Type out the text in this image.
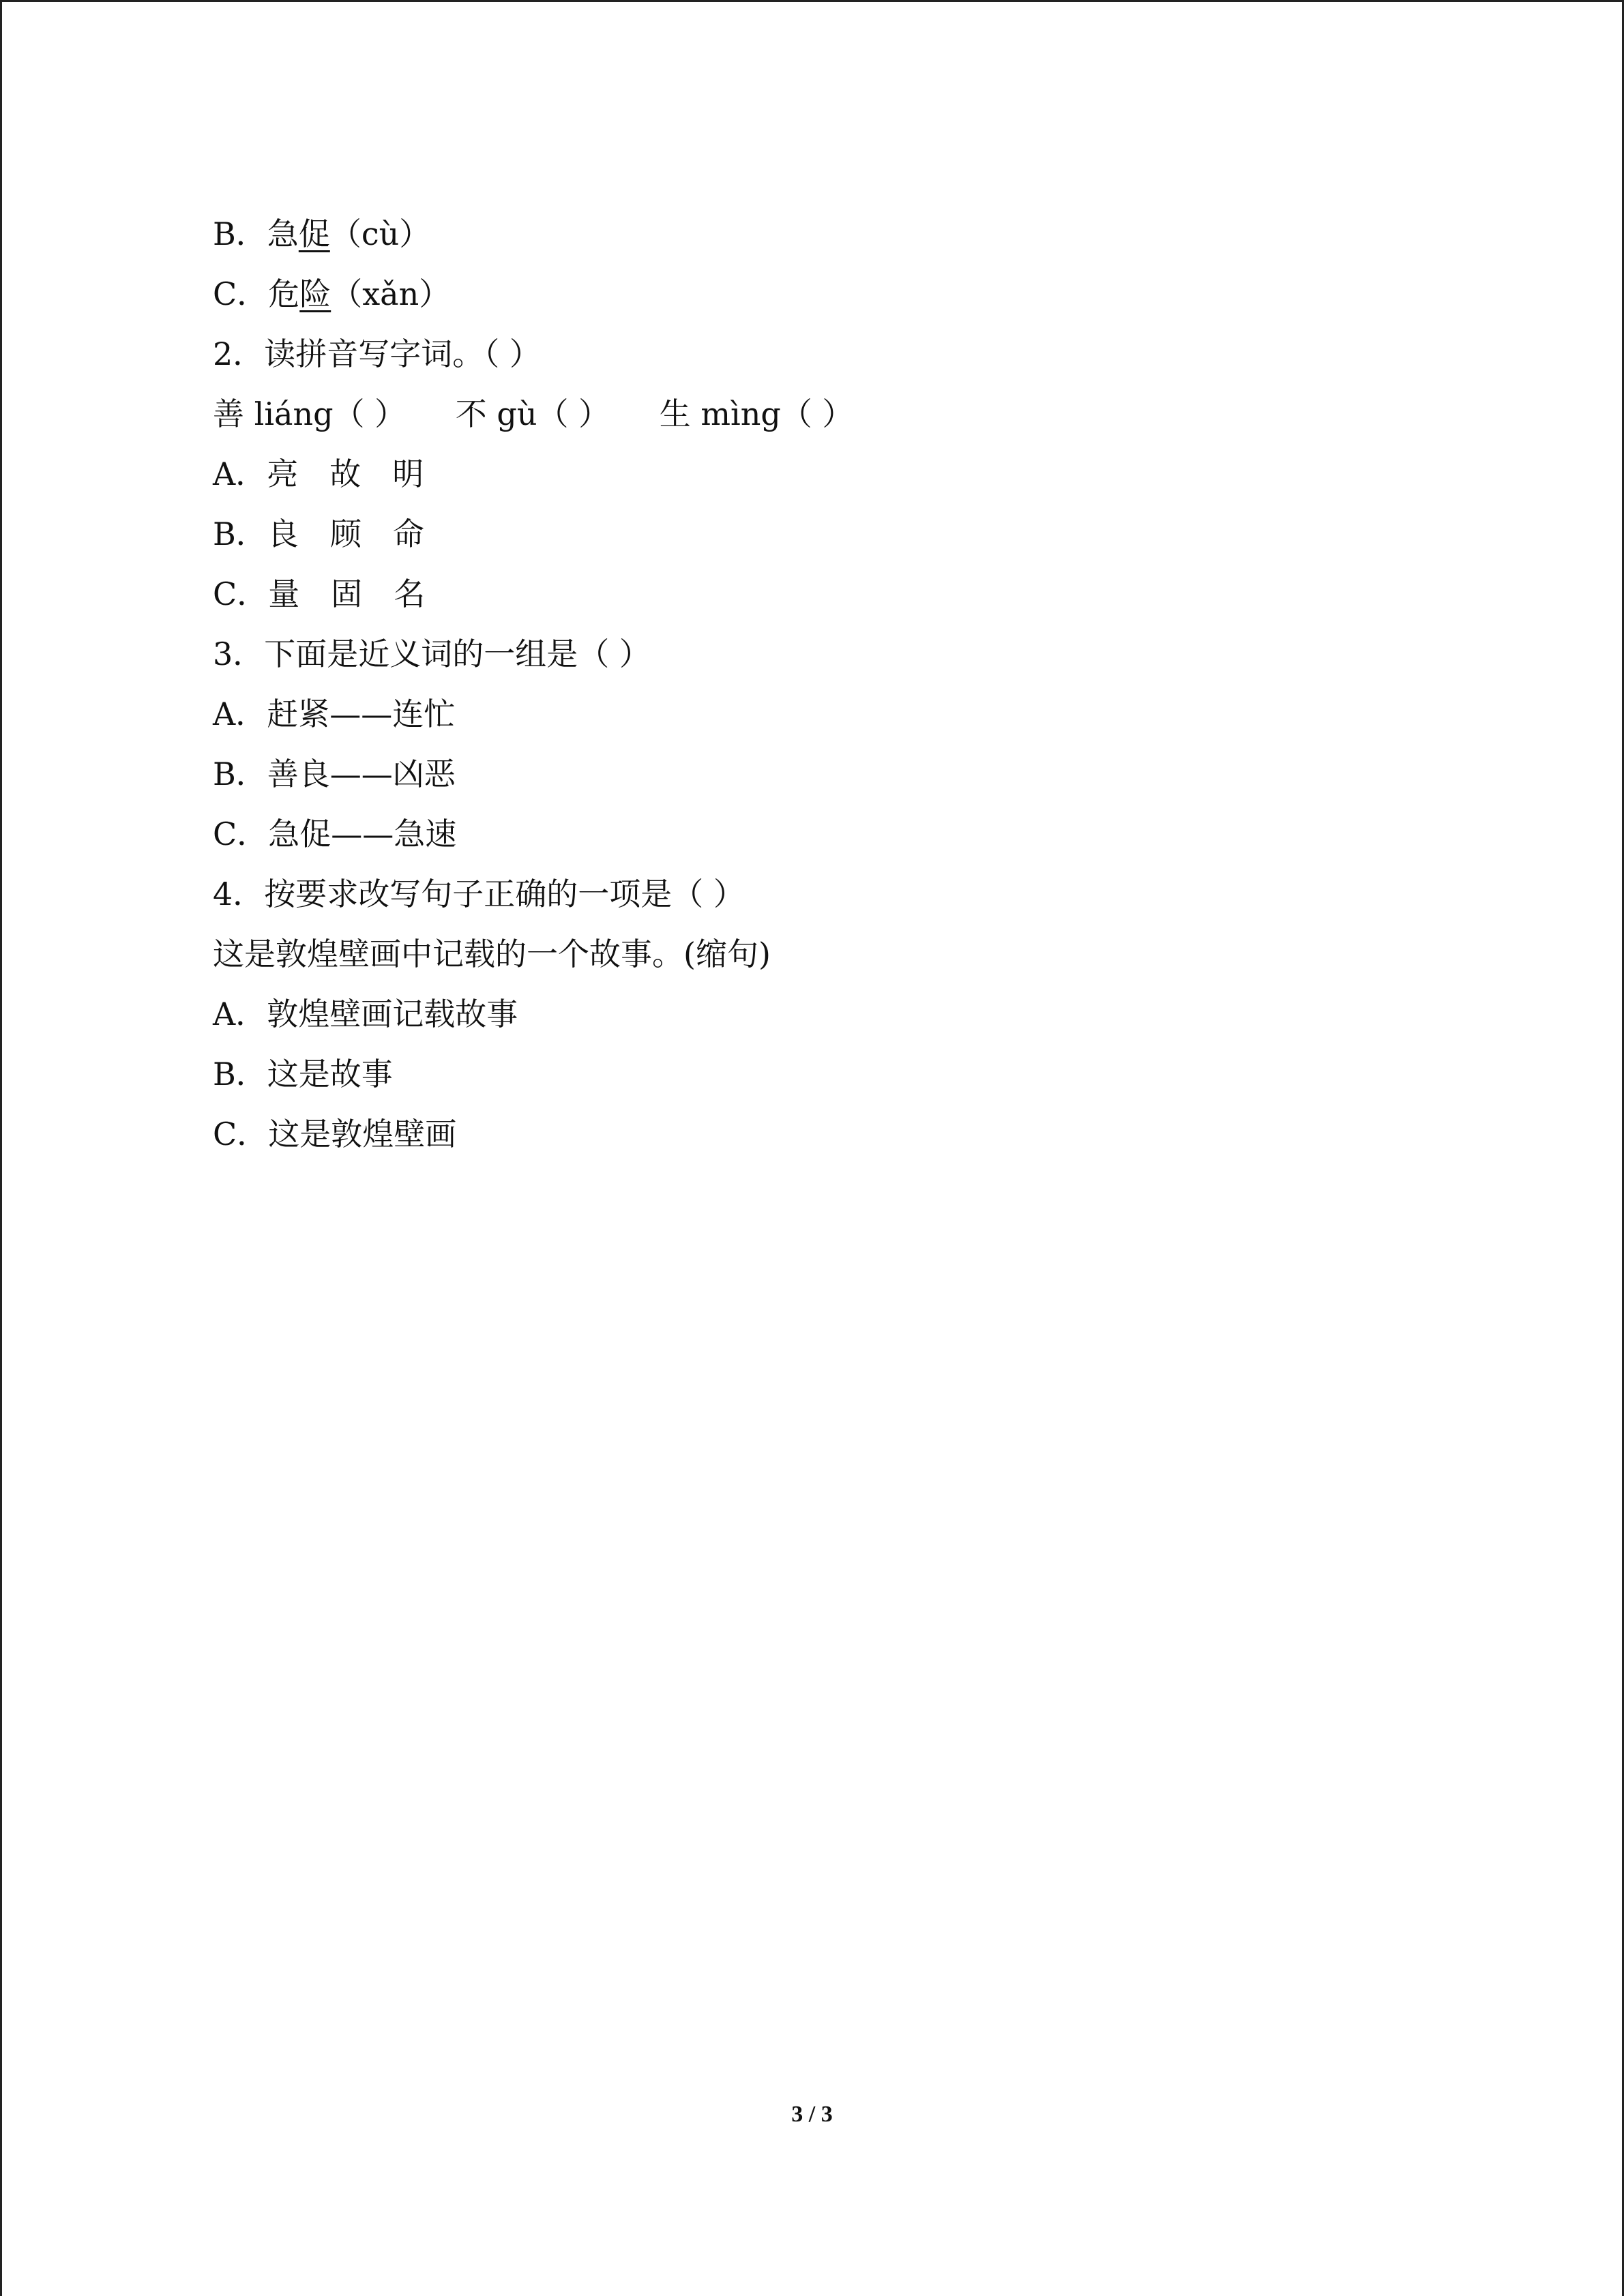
B．急促（cù）
C．危险（xǎn）
2．读拼音写字词。（ ）
善 liáng（ ） 不 gù（ ） 生 mìng（ ）
A．亮 故 明
B．良 顾 命
C．量 固 名
3．下面是近义词的一组是（ ）
A．赶紧——连忙
B．善良——凶恶
C．急促——急速
4．按要求改写句子正确的一项是（ ）
这是敦煌壁画中记载的一个故事。(缩句)
A．敦煌壁画记载故事
B．这是故事
C．这是敦煌壁画
3 / 3
